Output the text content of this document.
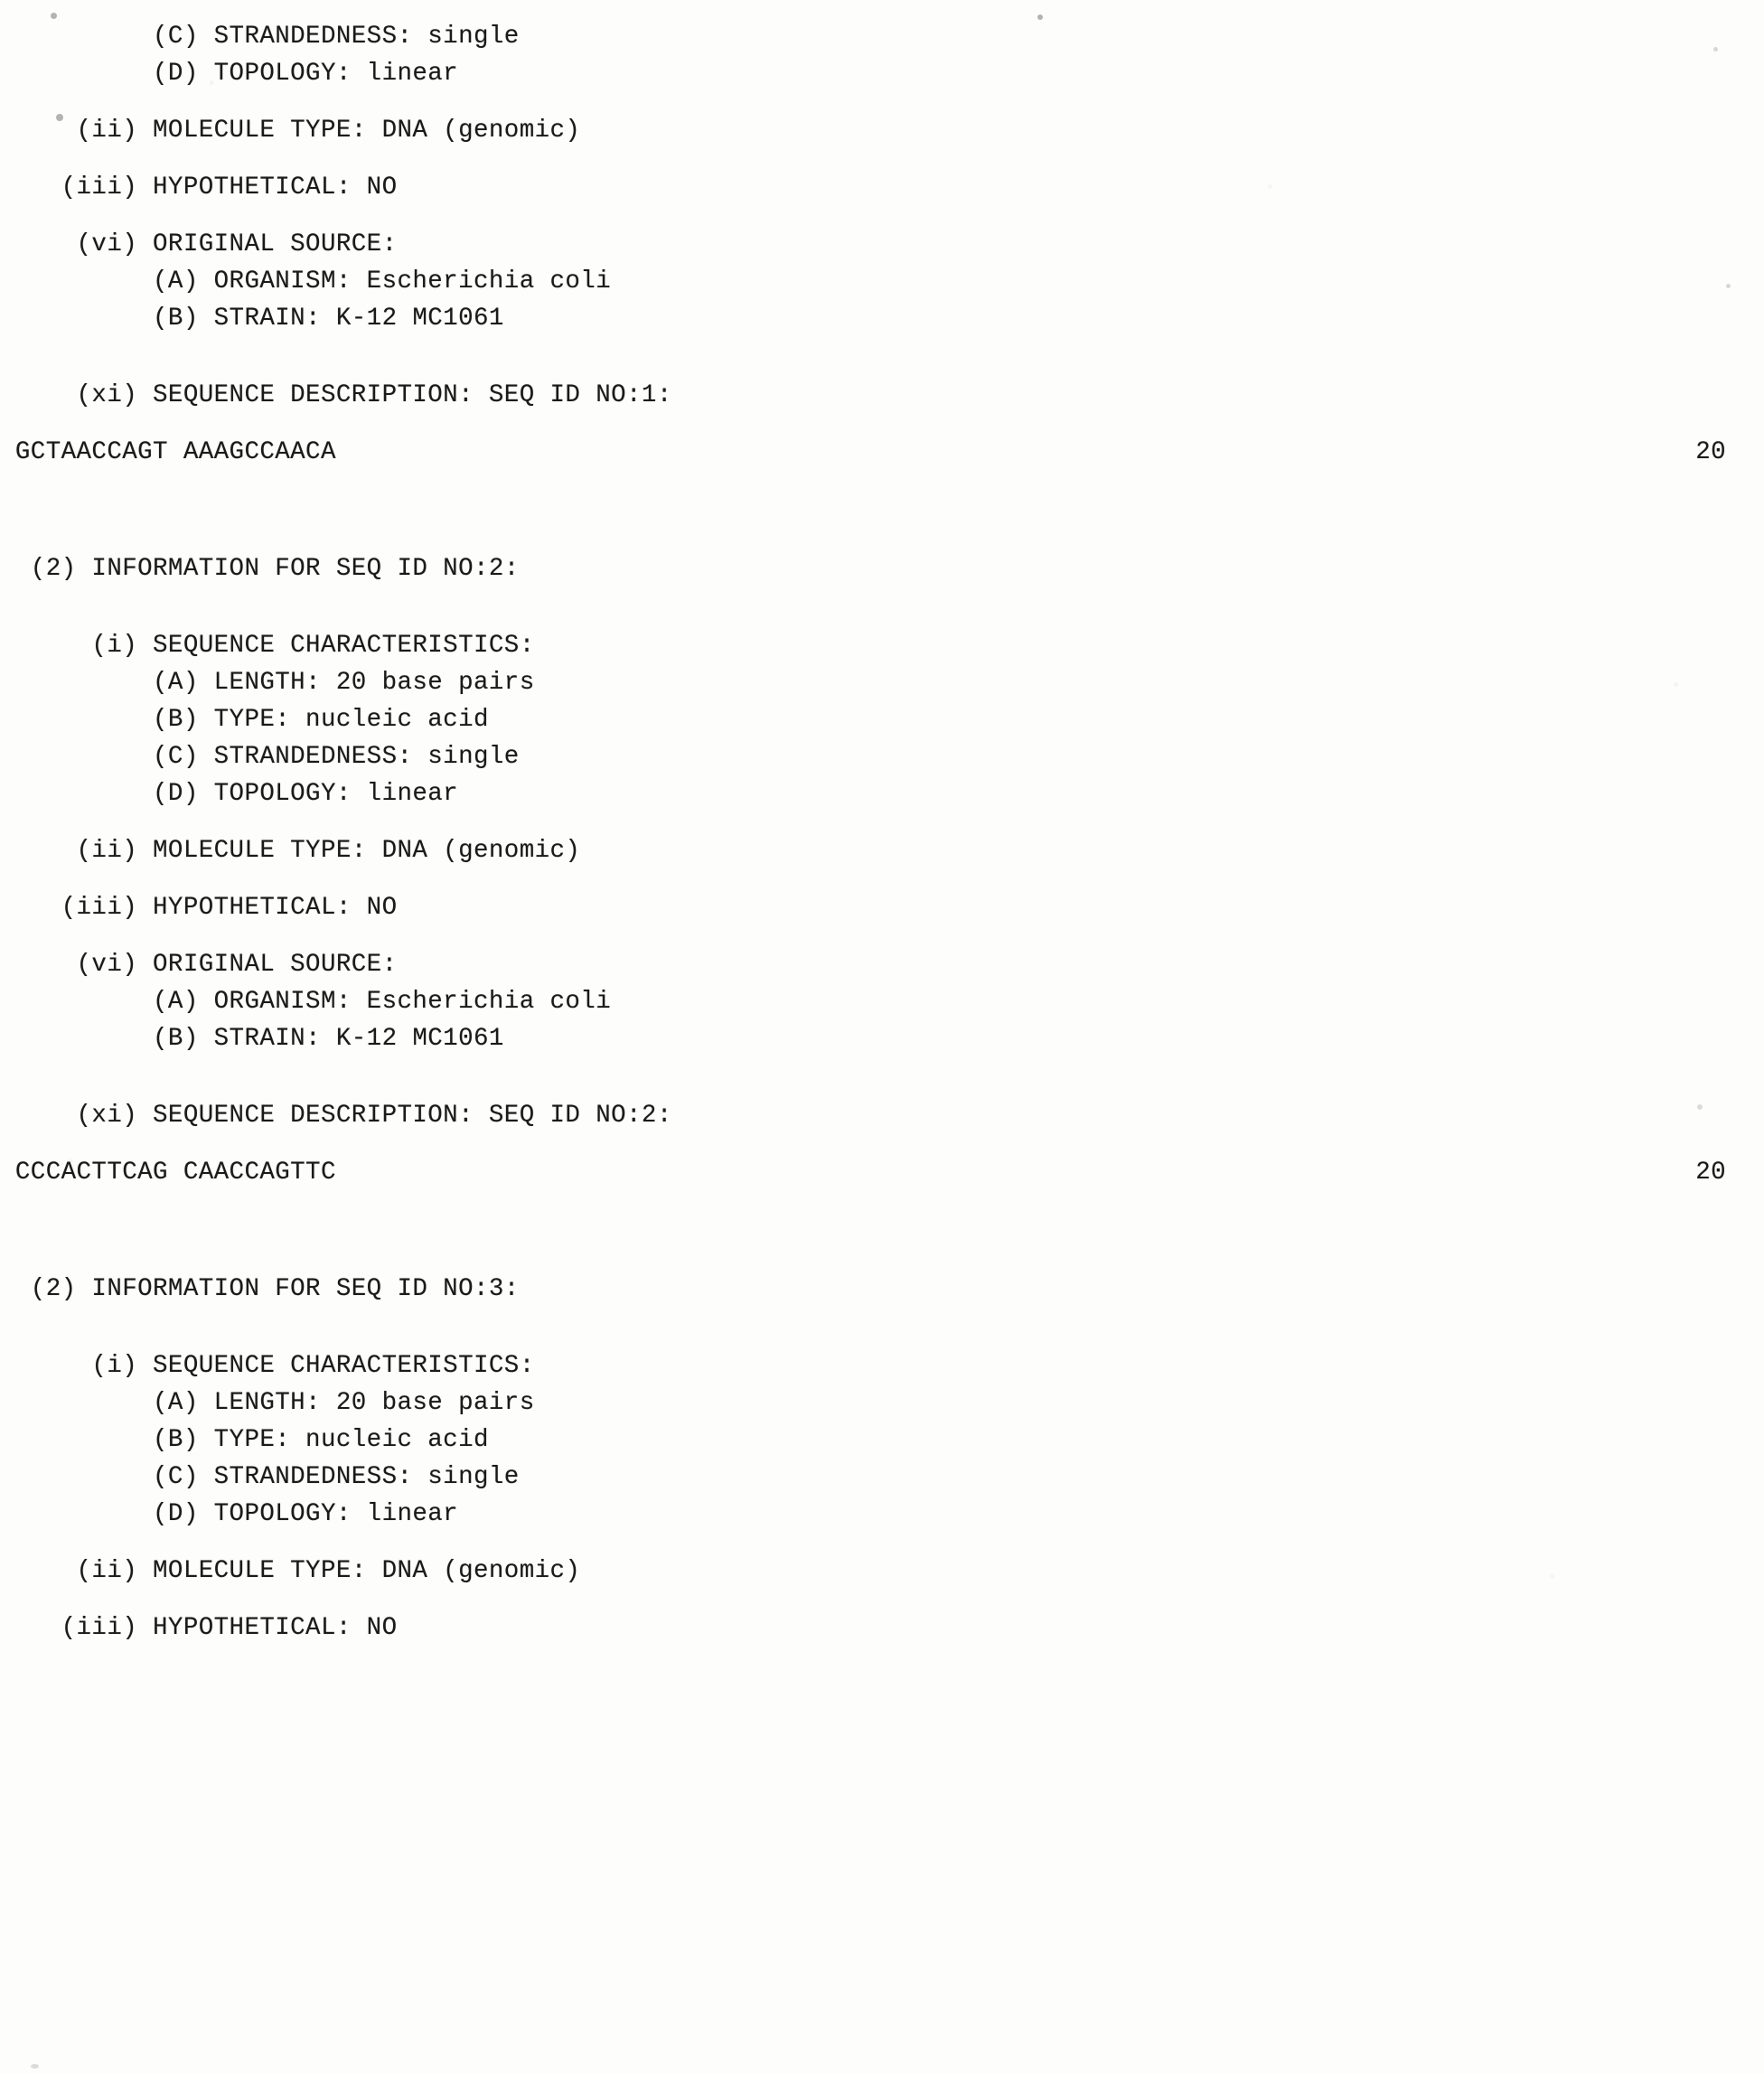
(C) STRANDEDNESS: single
(D) TOPOLOGY: linear
(ii) MOLECULE TYPE: DNA (genomic)
(iii) HYPOTHETICAL: NO
(vi) ORIGINAL SOURCE:
(A) ORGANISM: Escherichia coli
(B) STRAIN: K-12 MC1061
(xi) SEQUENCE DESCRIPTION: SEQ ID NO:1:
GCTAACCAGT AAAGCCAACA	20
(2) INFORMATION FOR SEQ ID NO:2:
(i) SEQUENCE CHARACTERISTICS:
(A) LENGTH: 20 base pairs
(B) TYPE: nucleic acid
(C) STRANDEDNESS: single
(D) TOPOLOGY: linear
(ii) MOLECULE TYPE: DNA (genomic)
(iii) HYPOTHETICAL: NO
(vi) ORIGINAL SOURCE:
(A) ORGANISM: Escherichia coli
(B) STRAIN: K-12 MC1061
(xi) SEQUENCE DESCRIPTION: SEQ ID NO:2:
CCCACTTCAG CAACCAGTTC	20
(2) INFORMATION FOR SEQ ID NO:3:
(i) SEQUENCE CHARACTERISTICS:
(A) LENGTH: 20 base pairs
(B) TYPE: nucleic acid
(C) STRANDEDNESS: single
(D) TOPOLOGY: linear
(ii) MOLECULE TYPE: DNA (genomic)
(iii) HYPOTHETICAL: NO
